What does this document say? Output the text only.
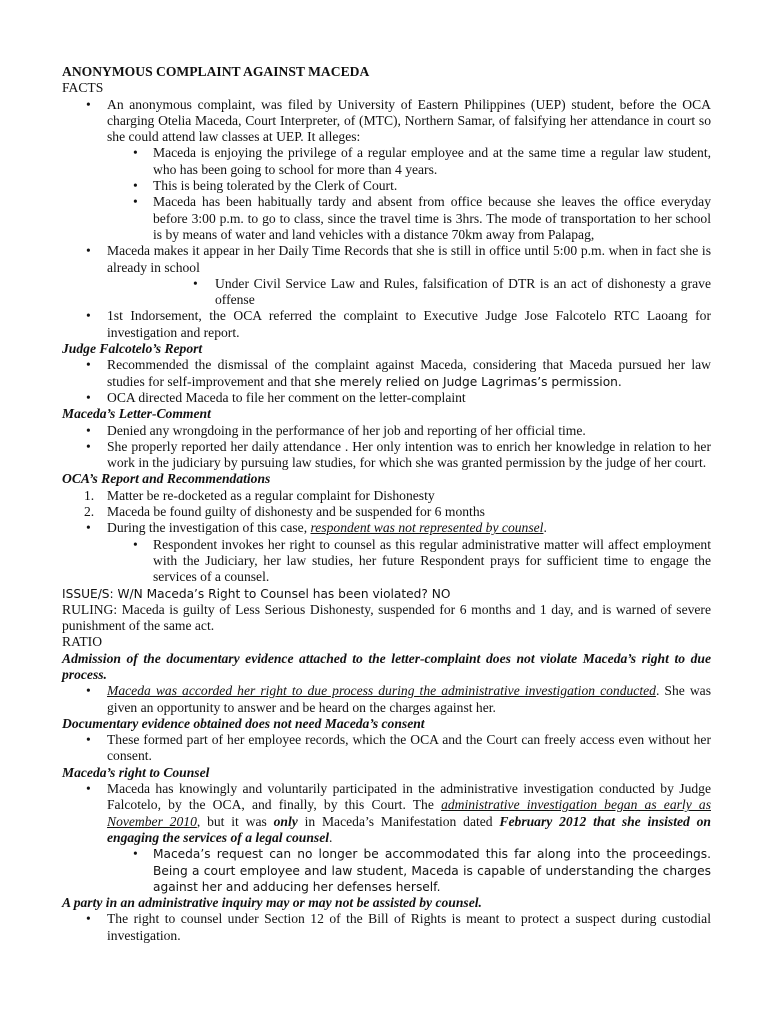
ANONYMOUS COMPLAINT AGAINST MACEDA

FACTS

• An anonymous complaint, was filed by University of Eastern Philippines (UEP) student, before the OCA charging Otelia Maceda, Court Interpreter, of (MTC), Northern Samar, of falsifying her attendance in court so she could attend law classes at UEP. It alleges:
• Maceda is enjoying the privilege of a regular employee and at the same time a regular law student, who has been going to school for more than 4 years.
• This is being tolerated by the Clerk of Court.
• Maceda has been habitually tardy and absent from office because she leaves the office everyday before 3:00 p.m. to go to class, since the travel time is 3hrs. The mode of transportation to her school is by means of water and land vehicles with a distance 70km away from Palapag,
• Maceda makes it appear in her Daily Time Records that she is still in office until 5:00 p.m. when in fact she is already in school
• Under Civil Service Law and Rules, falsification of DTR is an act of dishonesty a grave offense
• 1st Indorsement, the OCA referred the complaint to Executive Judge Jose Falcotelo RTC Laoang for investigation and report.

Judge Falcotelo’s Report

• Recommended the dismissal of the complaint against Maceda, considering that Maceda pursued her law studies for self-improvement and that she merely relied on Judge Lagrimas’s permission.
• OCA directed Maceda to file her comment on the letter-complaint

Maceda’s Letter-Comment

• Denied any wrongdoing in the performance of her job and reporting of her official time.
• She properly reported her daily attendance . Her only intention was to enrich her knowledge in relation to her work in the judiciary by pursuing law studies, for which she was granted permission by the judge of her court.

OCA’s Report and Recommendations

1. Matter be re-docketed as a regular complaint for Dishonesty
2. Maceda be found guilty of dishonesty and be suspended for 6 months
• During the investigation of this case, respondent was not represented by counsel.
• Respondent invokes her right to counsel as this regular administrative matter will affect employment with the Judiciary, her law studies, her future Respondent prays for sufficient time to engage the services of a counsel.

ISSUE/S: W/N Maceda’s Right to Counsel has been violated? NO

RULING: Maceda is guilty of Less Serious Dishonesty, suspended for 6 months and 1 day, and is warned of severe punishment of the same act.

RATIO

Admission of the documentary evidence attached to the letter-complaint does not violate Maceda’s right to due process.

• Maceda was accorded her right to due process during the administrative investigation conducted. She was given an opportunity to answer and be heard on the charges against her.

Documentary evidence obtained does not need Maceda’s consent

• These formed part of her employee records, which the OCA and the Court can freely access even without her consent.

Maceda’s right to Counsel

• Maceda has knowingly and voluntarily participated in the administrative investigation conducted by Judge Falcotelo, by the OCA, and finally, by this Court. The administrative investigation began as early as November 2010, but it was only in Maceda’s Manifestation dated February 2012 that she insisted on engaging the services of a legal counsel.
• Maceda’s request can no longer be accommodated this far along into the proceedings. Being a court employee and law student, Maceda is capable of understanding the charges against her and adducing her defenses herself.

A party in an administrative inquiry may or may not be assisted by counsel.

• The right to counsel under Section 12 of the Bill of Rights is meant to protect a suspect during custodial investigation.
